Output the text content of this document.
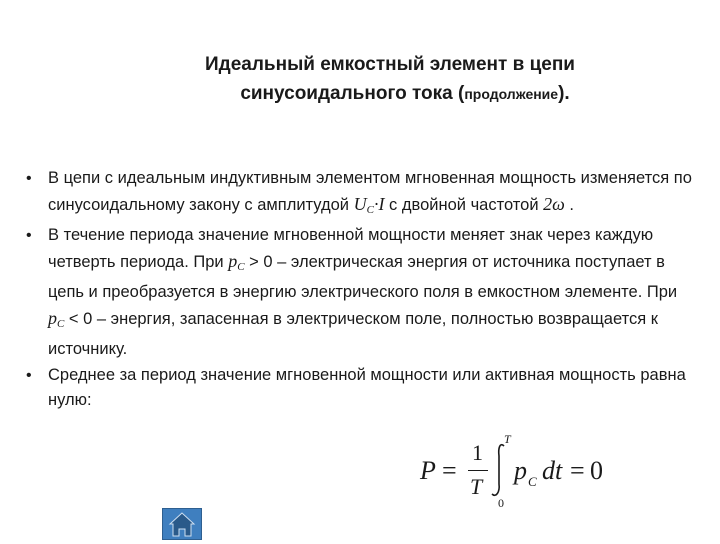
Идеальный емкостный элемент в цепи
синусоидального тока (продолжение).
• В цепи с идеальным индуктивным элементом мгновенная мощность изменяется по синусоидальному закону с амплитудой $U_C\cdot I$ с двойной частотой 2ω .
• В течение периода значение мгновенной мощности меняет знак через каждую четверть периода. При $p_C > 0$ – электрическая энергия от источника поступает в цепь и преобразуется в энергию электрического поля в емкостном элементе. При $p_C < 0$ – энергия, запасенная в электрическом поле, полностью возвращается к источнику.
• Среднее за период значение мгновенной мощности или активная мощность равна нулю:
P =
1
T
T
0
p C dt = 0
